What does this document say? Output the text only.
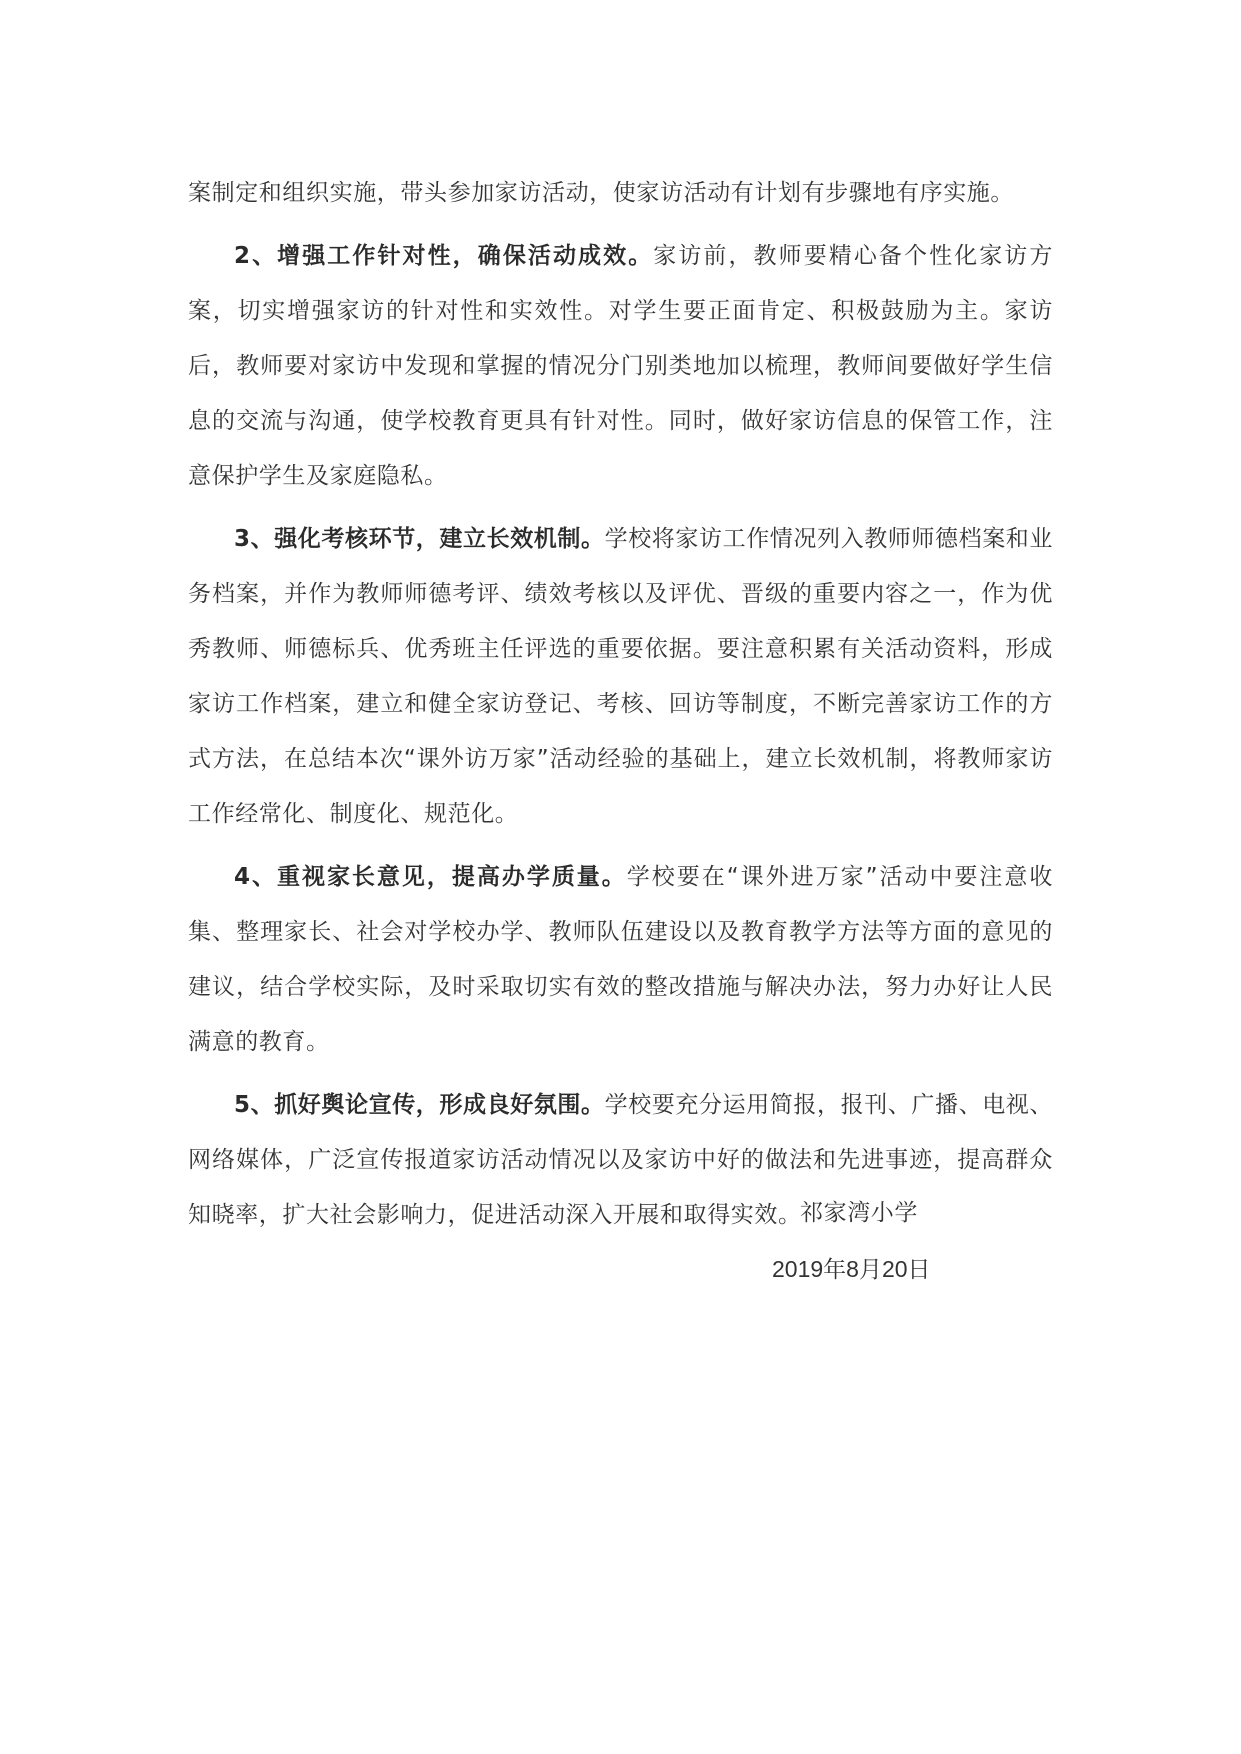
案制定和组织实施，带头参加家访活动，使家访活动有计划有步骤地有序实施。

2、增强工作针对性，确保活动成效。家访前，教师要精心备个性化家访方案，切实增强家访的针对性和实效性。对学生要正面肯定、积极鼓励为主。家访后，教师要对家访中发现和掌握的情况分门别类地加以梳理，教师间要做好学生信息的交流与沟通，使学校教育更具有针对性。同时，做好家访信息的保管工作，注意保护学生及家庭隐私。

3、强化考核环节，建立长效机制。学校将家访工作情况列入教师师德档案和业务档案，并作为教师师德考评、绩效考核以及评优、晋级的重要内容之一，作为优秀教师、师德标兵、优秀班主任评选的重要依据。要注意积累有关活动资料，形成家访工作档案，建立和健全家访登记、考核、回访等制度，不断完善家访工作的方式方法，在总结本次“课外访万家”活动经验的基础上，建立长效机制，将教师家访工作经常化、制度化、规范化。

4、重视家长意见，提高办学质量。学校要在“课外进万家”活动中要注意收集、整理家长、社会对学校办学、教师队伍建设以及教育教学方法等方面的意见的建议，结合学校实际，及时采取切实有效的整改措施与解决办法，努力办好让人民满意的教育。

5、抓好舆论宣传，形成良好氛围。学校要充分运用简报，报刊、广播、电视、网络媒体，广泛宣传报道家访活动情况以及家访中好的做法和先进事迹，提高群众知晓率，扩大社会影响力，促进活动深入开展和取得实效。

祁家湾小学
2019年8月20日
